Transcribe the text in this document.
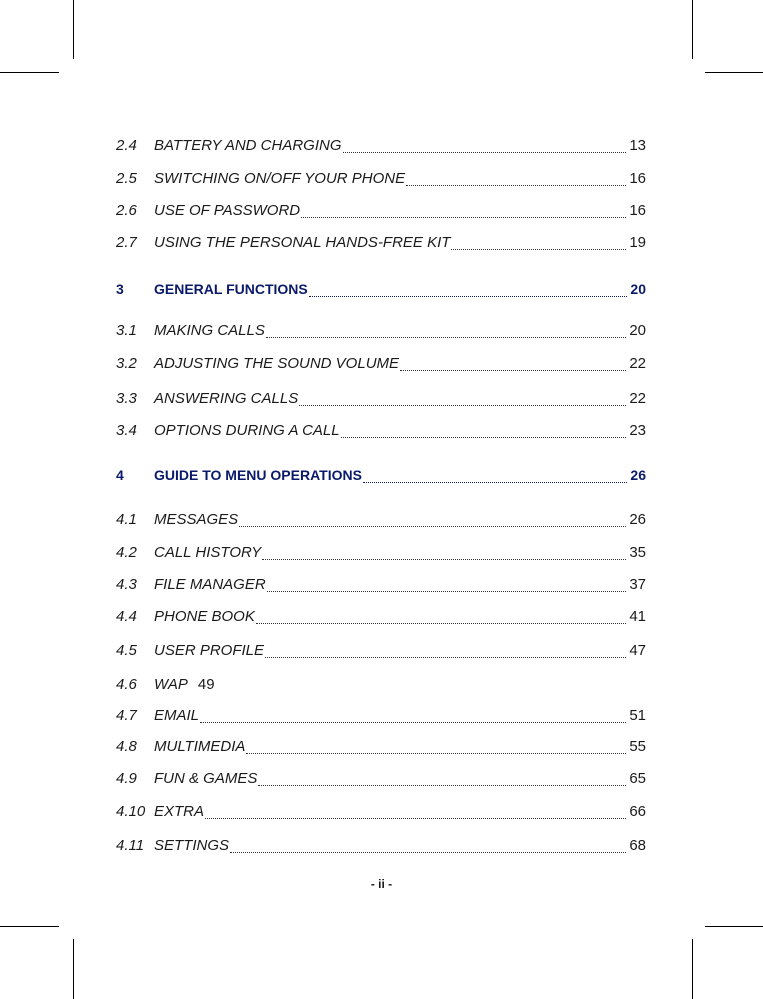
2.4	BATTERY AND CHARGING	13
2.5	SWITCHING ON/OFF YOUR PHONE	16
2.6	USE OF PASSWORD	16
2.7	USING THE PERSONAL HANDS-FREE KIT	19
3	GENERAL FUNCTIONS	20
3.1	MAKING CALLS	20
3.2	ADJUSTING THE SOUND VOLUME	22
3.3	ANSWERING CALLS	22
3.4	OPTIONS DURING A CALL	23
4	GUIDE TO MENU OPERATIONS	26
4.1	MESSAGES	26
4.2	CALL HISTORY	35
4.3	FILE MANAGER	37
4.4	PHONE BOOK	41
4.5	USER PROFILE	47
4.6	WAP 49
4.7	EMAIL	51
4.8	MULTIMEDIA	55
4.9	FUN & GAMES	65
4.10 EXTRA	66
4.11 SETTINGS	68
- ii -
